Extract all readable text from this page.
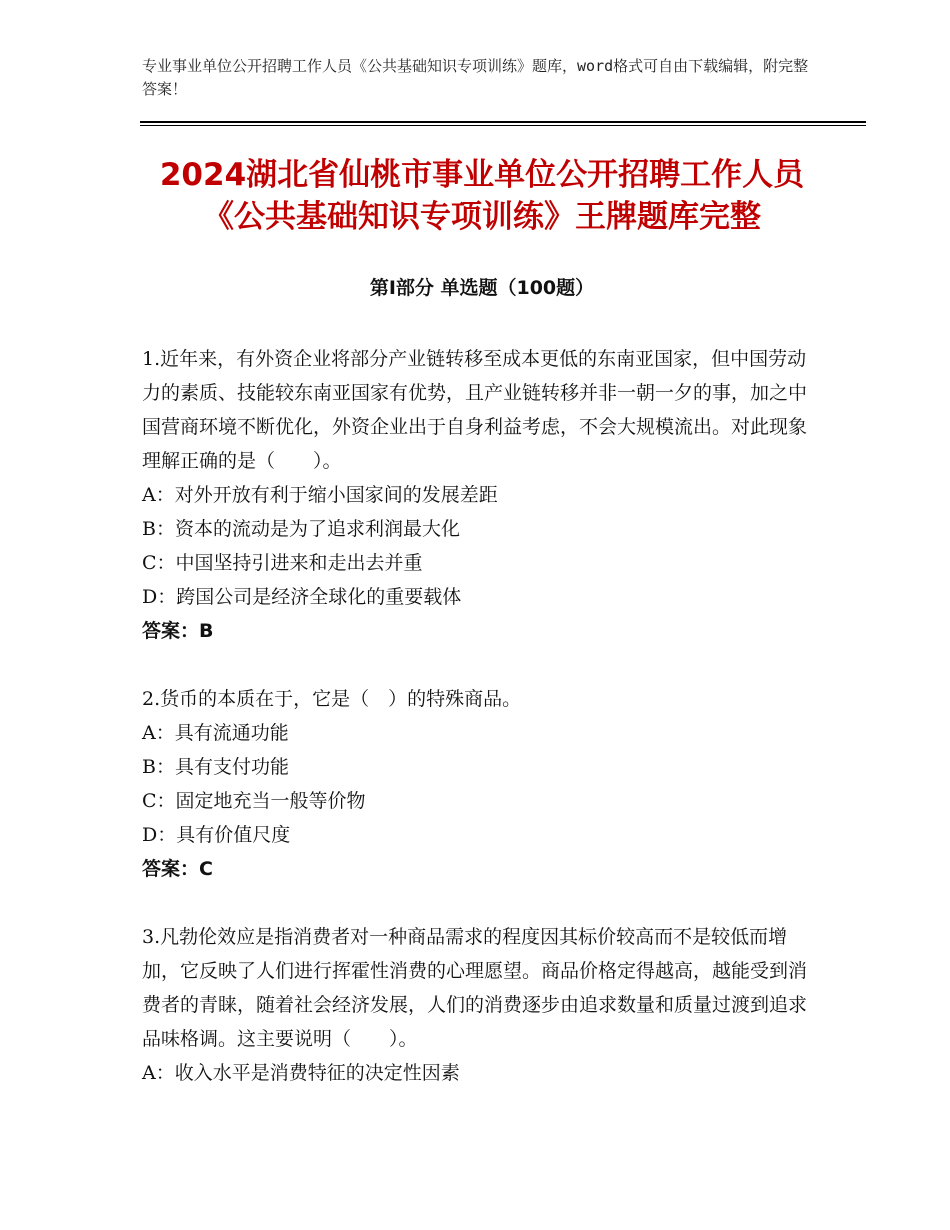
专业事业单位公开招聘工作人员《公共基础知识专项训练》题库，word格式可自由下载编辑，附完整答案！
2024湖北省仙桃市事业单位公开招聘工作人员《公共基础知识专项训练》王牌题库完整
第I部分 单选题（100题）

1.近年来，有外资企业将部分产业链转移至成本更低的东南亚国家，但中国劳动力的素质、技能较东南亚国家有优势，且产业链转移并非一朝一夕的事，加之中国营商环境不断优化，外资企业出于自身利益考虑，不会大规模流出。对此现象理解正确的是（　　）。

A：对外开放有利于缩小国家间的发展差距

B：资本的流动是为了追求利润最大化

C：中国坚持引进来和走出去并重

D：跨国公司是经济全球化的重要载体

答案：B

2.货币的本质在于，它是（　）的特殊商品。

A：具有流通功能

B：具有支付功能

C：固定地充当一般等价物

D：具有价值尺度

答案：C

3.凡勃伦效应是指消费者对一种商品需求的程度因其标价较高而不是较低而增加，它反映了人们进行挥霍性消费的心理愿望。商品价格定得越高，越能受到消费者的青睐，随着社会经济发展，人们的消费逐步由追求数量和质量过渡到追求品味格调。这主要说明（　　）。

A：收入水平是消费特征的决定性因素
